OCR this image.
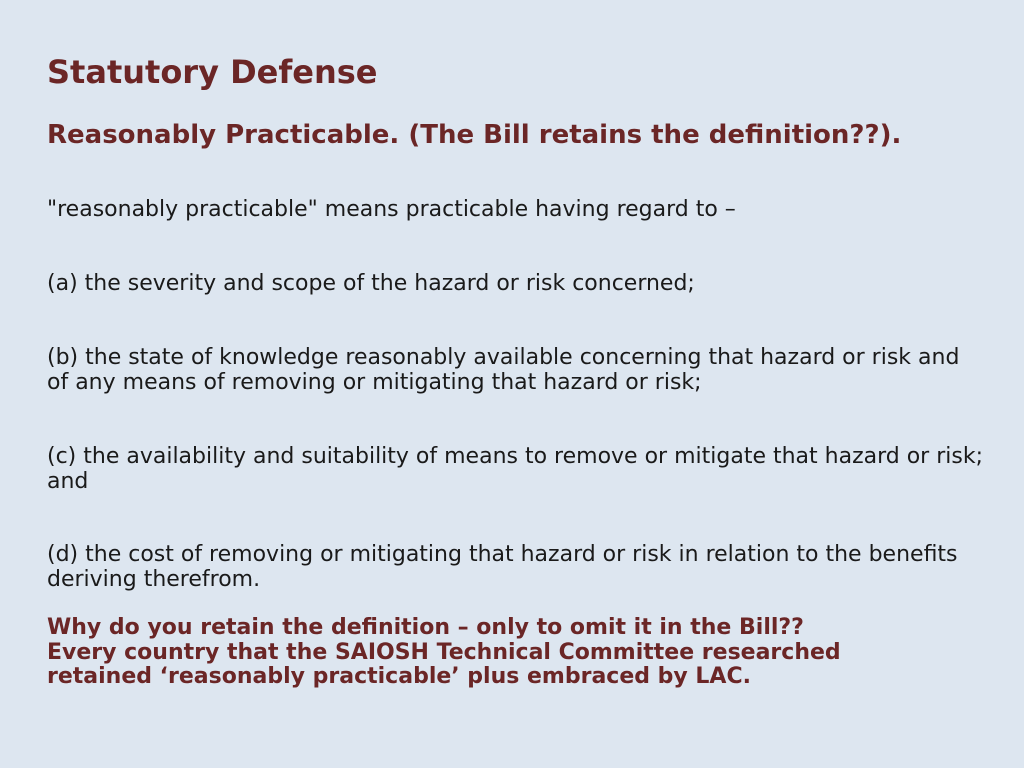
Statutory Defense
Reasonably Practicable. (The Bill retains the definition??).

"reasonably practicable" means practicable having regard to –

(a) the severity and scope of the hazard or risk concerned;

(b) the state of knowledge reasonably available concerning that hazard or risk and of any means of removing or mitigating that hazard or risk;

(c) the availability and suitability of means to remove or mitigate that hazard or risk; and

(d) the cost of removing or mitigating that hazard or risk in relation to the benefits deriving therefrom.

Why do you retain the definition – only to omit it in the Bill??
Every country that the SAIOSH Technical Committee researched
retained ‘reasonably practicable’ plus embraced by LAC.
